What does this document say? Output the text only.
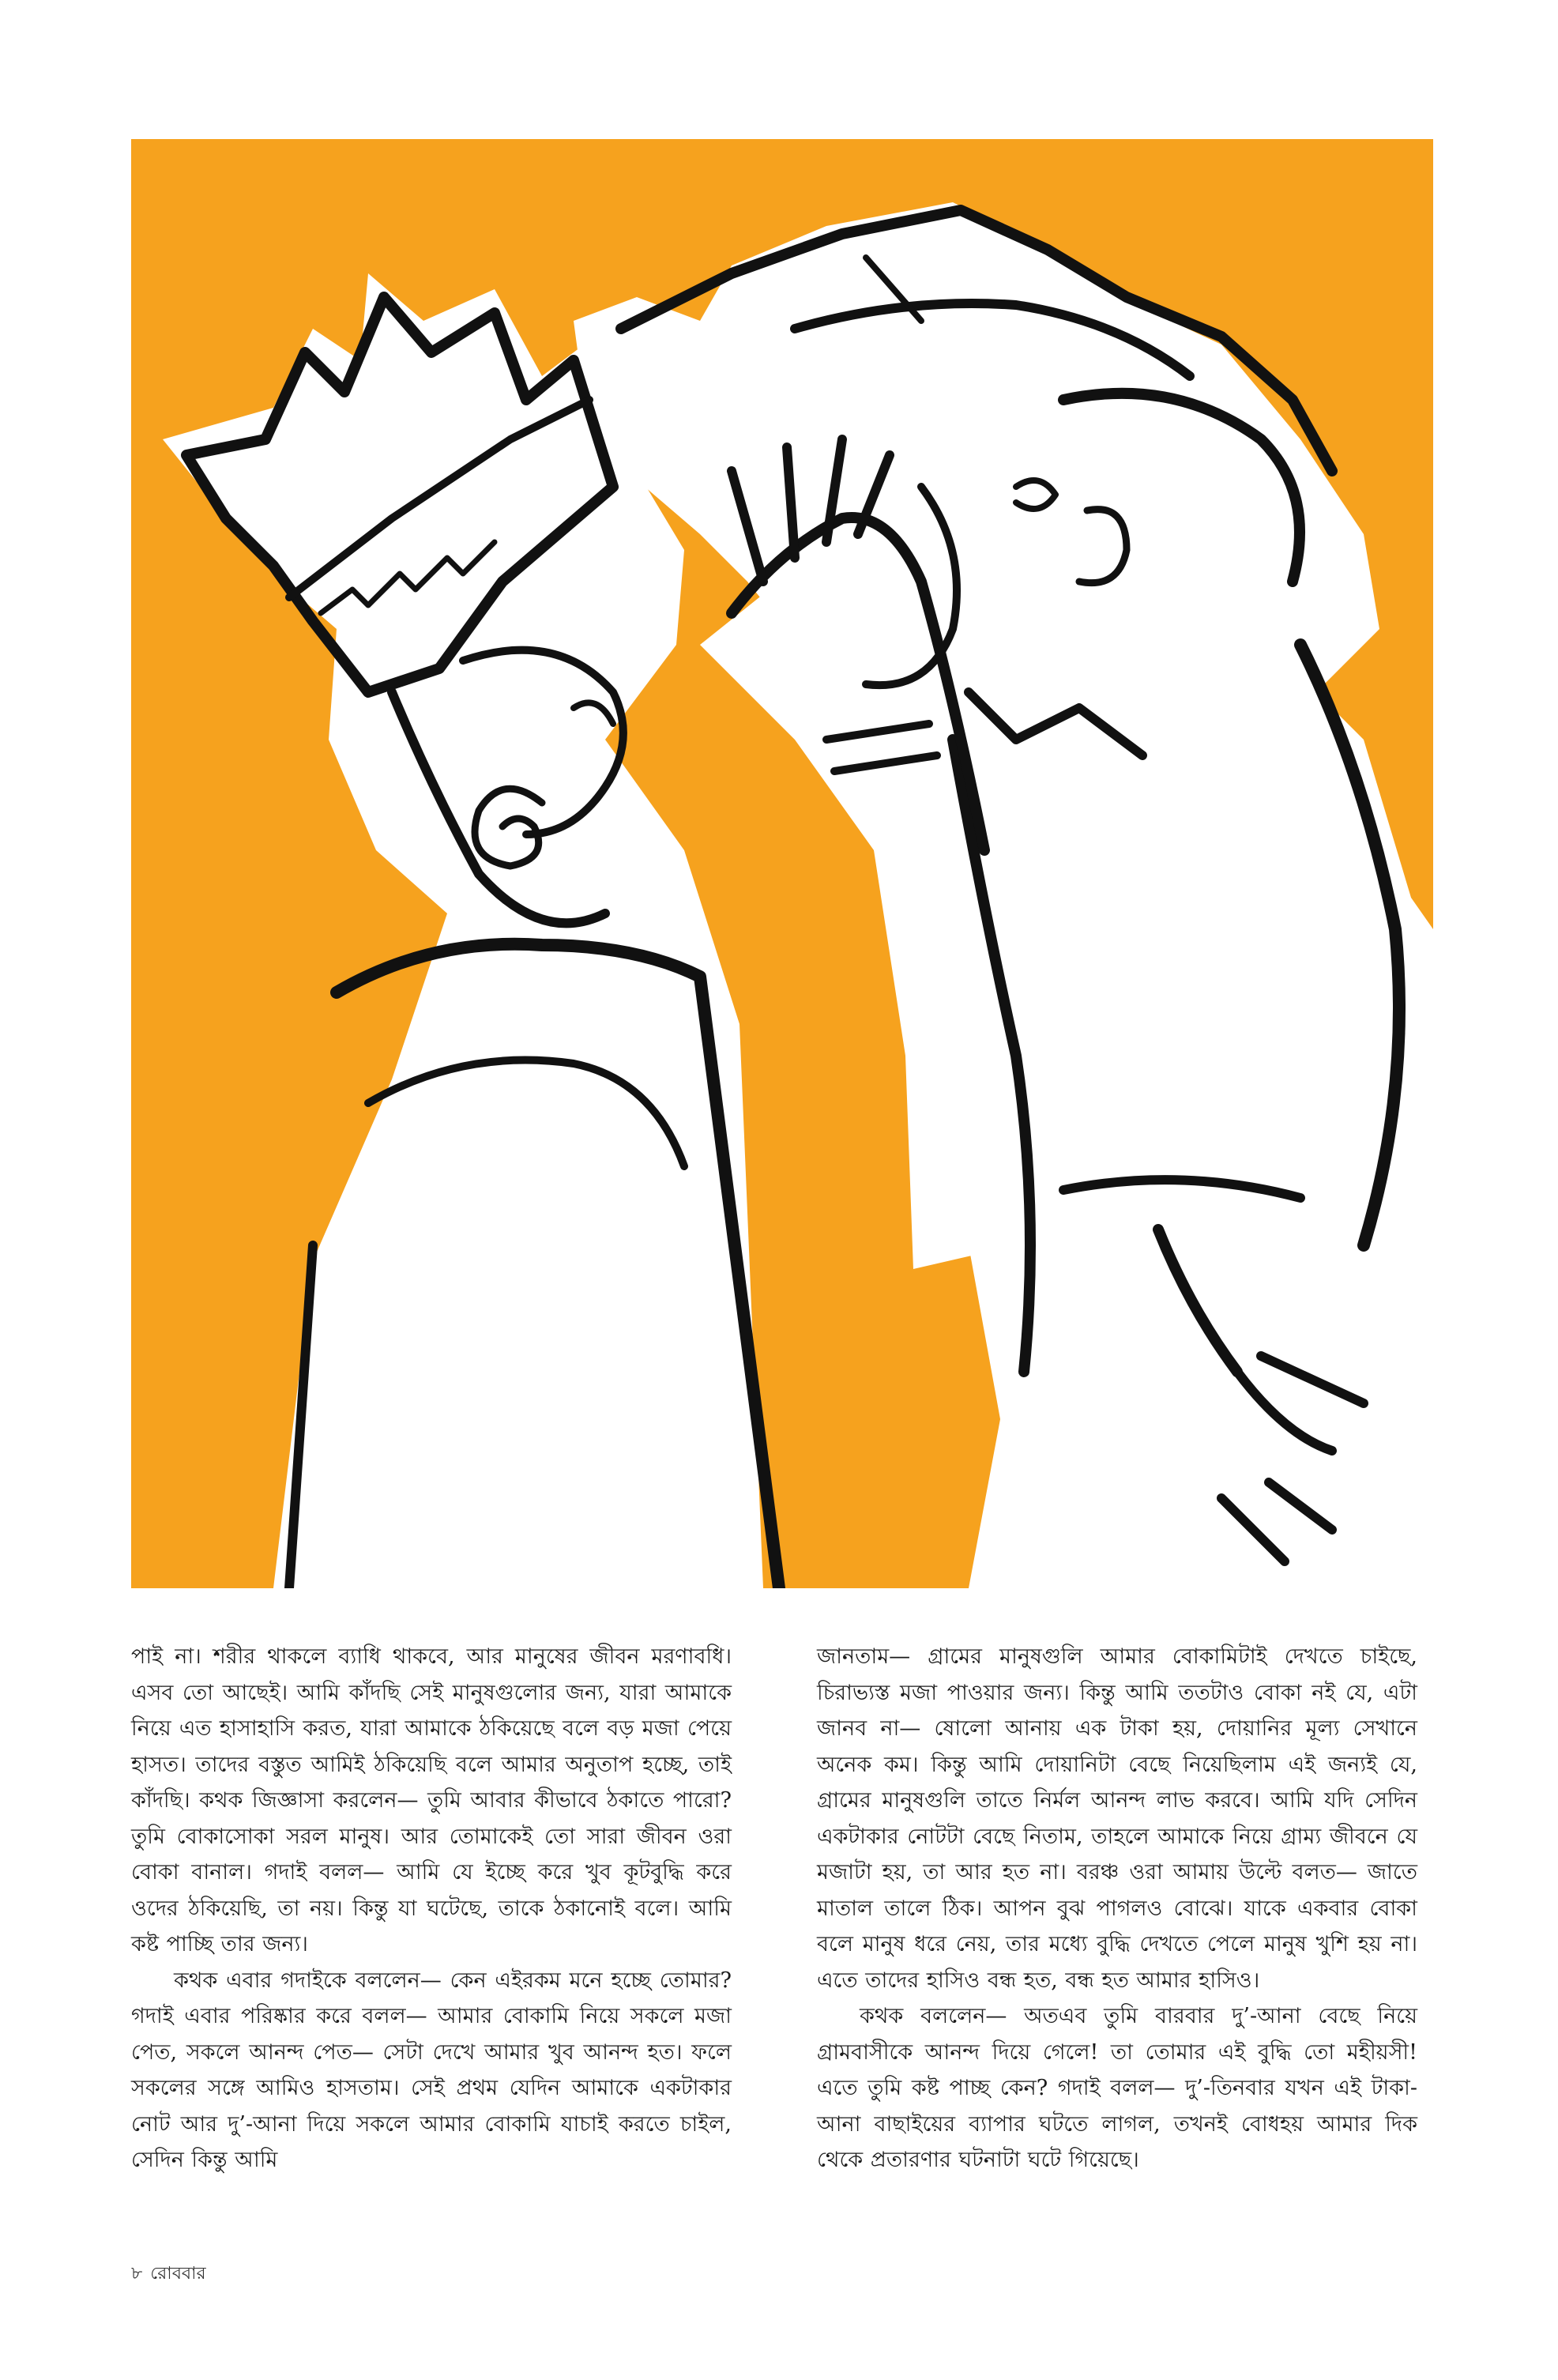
পাই না। শরীর থাকলে ব্যাধি থাকবে, আর মানুষের জীবন মরণাবধি। এসব তো আছেই। আমি কাঁদছি সেই মানুষগুলোর জন্য, যারা আমাকে নিয়ে এত হাসাহাসি করত, যারা আমাকে ঠকিয়েছে বলে বড় মজা পেয়ে হাসত। তাদের বস্তুত আমিই ঠকিয়েছি বলে আমার অনুতাপ হচ্ছে, তাই কাঁদছি। কথক জিজ্ঞাসা করলেন— তুমি আবার কীভাবে ঠকাতে পারো? তুমি বোকাসোকা সরল মানুষ। আর তোমাকেই তো সারা জীবন ওরা বোকা বানাল। গদাই বলল— আমি যে ইচ্ছে করে খুব কূটবুদ্ধি করে ওদের ঠকিয়েছি, তা নয়। কিন্তু যা ঘটেছে, তাকে ঠকানোই বলে। আমি কষ্ট পাচ্ছি তার জন্য।

কথক এবার গদাইকে বললেন— কেন এইরকম মনে হচ্ছে তোমার? গদাই এবার পরিষ্কার করে বলল— আমার বোকামি নিয়ে সকলে মজা পেত, সকলে আনন্দ পেত— সেটা দেখে আমার খুব আনন্দ হত। ফলে সকলের সঙ্গে আমিও হাসতাম। সেই প্রথম যেদিন আমাকে একটাকার নোট আর দু’-আনা দিয়ে সকলে আমার বোকামি যাচাই করতে চাইল, সেদিন কিন্তু আমি

জানতাম— গ্রামের মানুষগুলি আমার বোকামিটাই দেখতে চাইছে, চিরাভ্যস্ত মজা পাওয়ার জন্য। কিন্তু আমি ততটাও বোকা নই যে, এটা জানব না— ষোলো আনায় এক টাকা হয়, দোয়ানির মূল্য সেখানে অনেক কম। কিন্তু আমি দোয়ানিটা বেছে নিয়েছিলাম এই জন্যই যে, গ্রামের মানুষগুলি তাতে নির্মল আনন্দ লাভ করবে। আমি যদি সেদিন একটাকার নোটটা বেছে নিতাম, তাহলে আমাকে নিয়ে গ্রাম্য জীবনে যে মজাটা হয়, তা আর হত না। বরঞ্চ ওরা আমায় উল্টে বলত— জাতে মাতাল তালে ঠিক। আপন বুঝ পাগলও বোঝে। যাকে একবার বোকা বলে মানুষ ধরে নেয়, তার মধ্যে বুদ্ধি দেখতে পেলে মানুষ খুশি হয় না। এতে তাদের হাসিও বন্ধ হত, বন্ধ হত আমার হাসিও।

কথক বললেন— অতএব তুমি বারবার দু’-আনা বেছে নিয়ে গ্রামবাসীকে আনন্দ দিয়ে গেলে! তা তোমার এই বুদ্ধি তো মহীয়সী! এতে তুমি কষ্ট পাচ্ছ কেন? গদাই বলল— দু’-তিনবার যখন এই টাকা-আনা বাছাইয়ের ব্যাপার ঘটতে লাগল, তখনই বোধহয় আমার দিক থেকে প্রতারণার ঘটনাটা ঘটে গিয়েছে।

৮ রোববার
